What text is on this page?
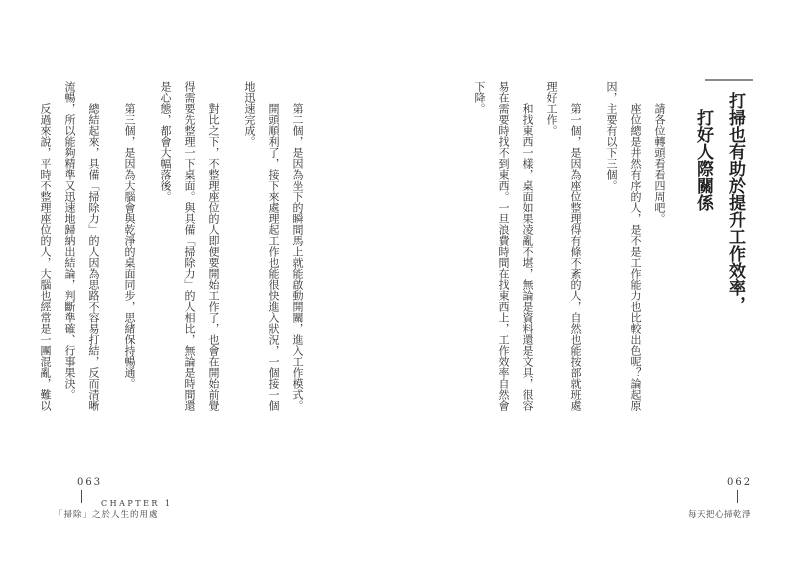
打掃也有助於提升工作效率，
打好人際關係

請各位轉頭看看四周吧。

座位總是井然有序的人，是不是工作能力也比較出色呢？論起原因，主要有以下三個。

第一個，是因為座位整理得有條不紊的人，自然也能按部就班處理好工作。

和找東西一樣，桌面如果凌亂不堪，無論是資料還是文具，很容易在需要時找不到東西。一旦浪費時間在找東西上，工作效率自然會下降。

062
每天把心掃乾淨

第二個，是因為坐下的瞬間馬上就能啟動開關，進入工作模式。

開頭順利了，接下來處理起工作也能很快進入狀況，一個接一個地迅速完成。

對比之下，不整理座位的人即便要開始工作了，也會在開始前覺得需要先整理一下桌面。與具備「掃除力」的人相比，無論是時間還是心態，都會大幅落後。

第三個，是因為大腦會與乾淨的桌面同步，思緒保持暢通。

總結起來，具備「掃除力」的人因為思路不容易打結，反而清晰流暢，所以能夠精準又迅速地歸納出結論，判斷準確、行事果決。

反過來說，平時不整理座位的人，大腦也經常是一團混亂，難以

063
CHAPTER 1
「掃除」之於人生的用處
